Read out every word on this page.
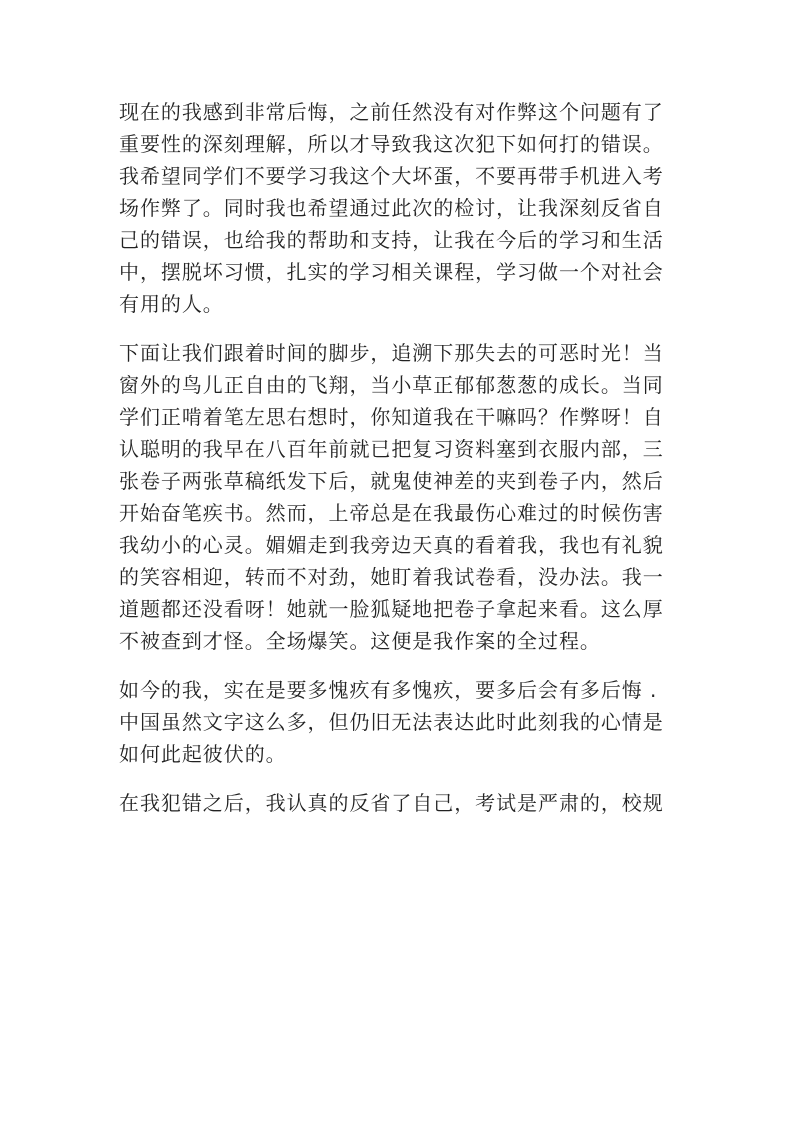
现在的我感到非常后悔，之前任然没有对作弊这个问题有了
重要性的深刻理解，所以才导致我这次犯下如何打的错误。
我希望同学们不要学习我这个大坏蛋，不要再带手机进入考
场作弊了。同时我也希望通过此次的检讨，让我深刻反省自
己的错误，也给我的帮助和支持，让我在今后的学习和生活
中，摆脱坏习惯，扎实的学习相关课程，学习做一个对社会
有用的人。

下面让我们跟着时间的脚步，追溯下那失去的可恶时光！当
窗外的鸟儿正自由的飞翔，当小草正郁郁葱葱的成长。当同
学们正啃着笔左思右想时，你知道我在干嘛吗？作弊呀！自
认聪明的我早在八百年前就已把复习资料塞到衣服内部，三
张卷子两张草稿纸发下后，就鬼使神差的夹到卷子内，然后
开始奋笔疾书。然而，上帝总是在我最伤心难过的时候伤害
我幼小的心灵。媚媚走到我旁边天真的看着我，我也有礼貌
的笑容相迎，转而不对劲，她盯着我试卷看，没办法。我一
道题都还没看呀！她就一脸狐疑地把卷子拿起来看。这么厚
不被查到才怪。全场爆笑。这便是我作案的全过程。

如今的我，实在是要多愧疚有多愧疚，要多后会有多后悔 .
中国虽然文字这么多，但仍旧无法表达此时此刻我的心情是
如何此起彼伏的。

在我犯错之后，我认真的反省了自己，考试是严肃的，校规
